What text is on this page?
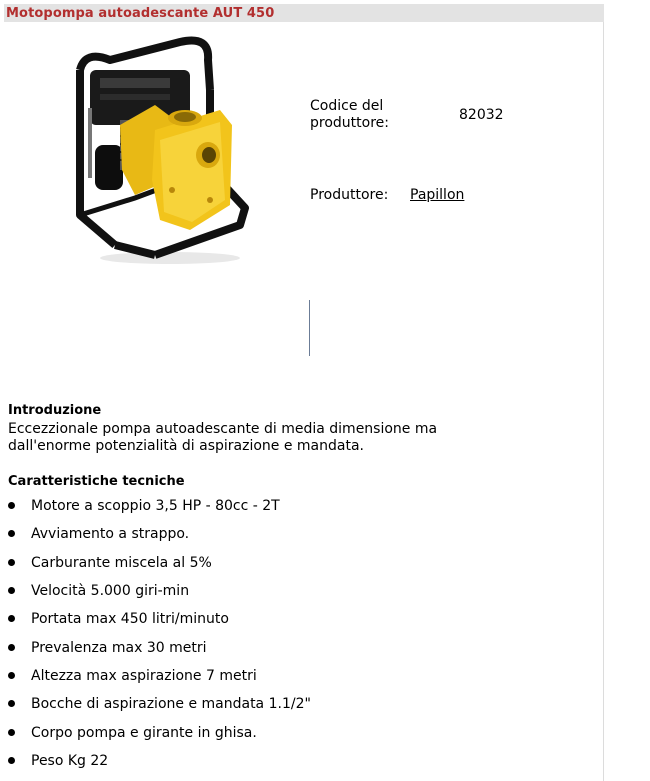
Motopompa autoadescante AUT 450
Codice del produttore:	82032
Produttore: Papillon
Introduzione
Eccezzionale pompa autoadescante di media dimensione ma
dall'enorme potenzialità di aspirazione e mandata.
Caratteristiche tecniche
Motore a scoppio 3,5 HP - 80cc - 2T
Avviamento a strappo.
Carburante miscela al 5%
Velocità 5.000 giri-min
Portata max 450 litri/minuto
Prevalenza max 30 metri
Altezza max aspirazione 7 metri
Bocche di aspirazione e mandata 1.1/2"
Corpo pompa e girante in ghisa.
Peso Kg 22
